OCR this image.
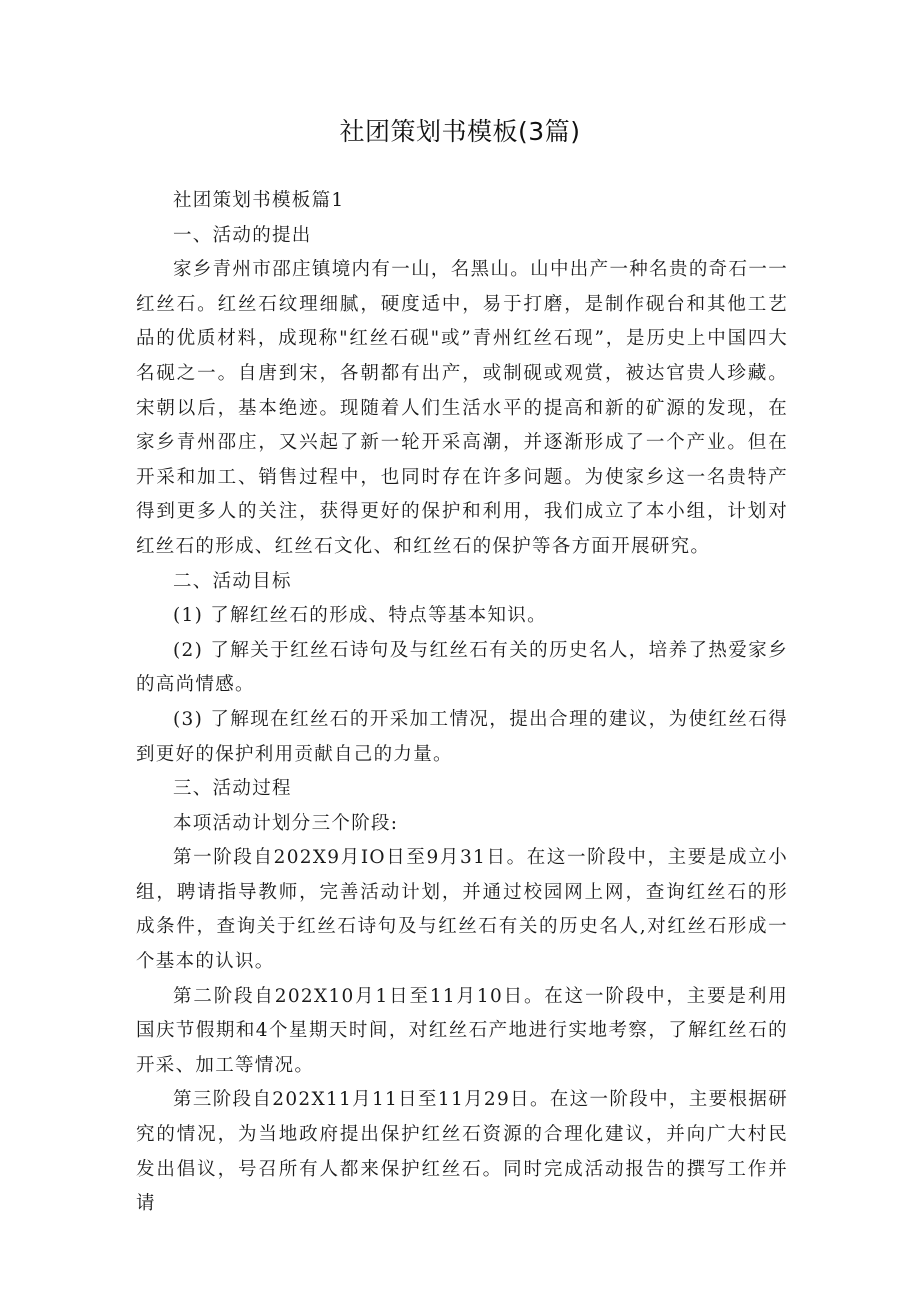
社团策划书模板(3篇)

社团策划书模板篇1

一、活动的提出

家乡青州市邵庄镇境内有一山，名黑山。山中出产一种名贵的奇石一一红丝石。红丝石纹理细腻，硬度适中，易于打磨，是制作砚台和其他工艺品的优质材料，成现称"红丝石砚"或”青州红丝石现”，是历史上中国四大名砚之一。自唐到宋，各朝都有出产，或制砚或观赏，被达官贵人珍藏。宋朝以后，基本绝迹。现随着人们生活水平的提高和新的矿源的发现，在家乡青州邵庄，又兴起了新一轮开采高潮，并逐渐形成了一个产业。但在开采和加工、销售过程中，也同时存在许多问题。为使家乡这一名贵特产得到更多人的关注，获得更好的保护和利用，我们成立了本小组，计划对红丝石的形成、红丝石文化、和红丝石的保护等各方面开展研究。

二、活动目标

(1) 了解红丝石的形成、特点等基本知识。

(2) 了解关于红丝石诗句及与红丝石有关的历史名人，培养了热爱家乡的高尚情感。

(3) 了解现在红丝石的开采加工情况，提出合理的建议，为使红丝石得到更好的保护利用贡献自己的力量。

三、活动过程

本项活动计划分三个阶段:

第一阶段自202X9月IO日至9月31日。在这一阶段中，主要是成立小组，聘请指导教师，完善活动计划，并通过校园网上网，查询红丝石的形成条件，查询关于红丝石诗句及与红丝石有关的历史名人,对红丝石形成一个基本的认识。

第二阶段自202X10月1日至11月10日。在这一阶段中，主要是利用国庆节假期和4个星期天时间，对红丝石产地进行实地考察，了解红丝石的开采、加工等情况。

第三阶段自202X11月11日至11月29日。在这一阶段中，主要根据研究的情况，为当地政府提出保护红丝石资源的合理化建议，并向广大村民发出倡议，号召所有人都来保护红丝石。同时完成活动报告的撰写工作并请
